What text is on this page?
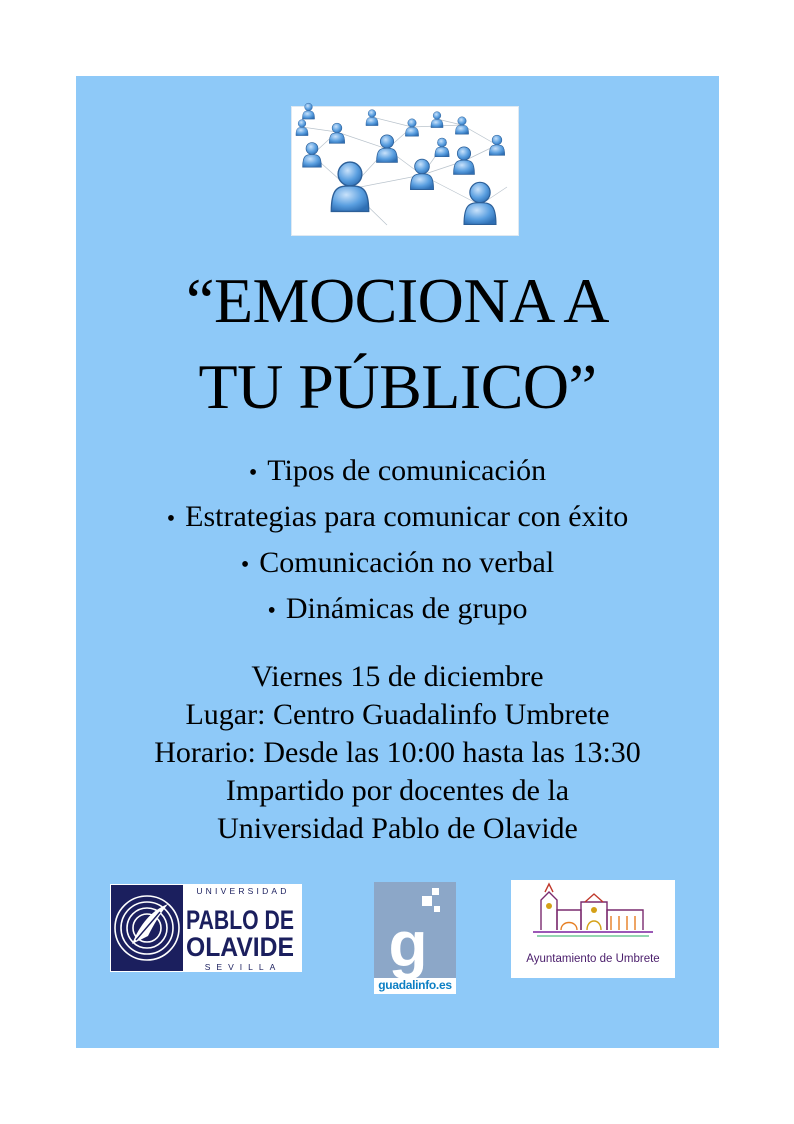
“EMOCIONA A
TU PÚBLICO”
• Tipos de comunicación
• Estrategias para comunicar con éxito
• Comunicación no verbal
• Dinámicas de grupo
Viernes 15 de diciembre
Lugar: Centro Guadalinfo Umbrete
Horario: Desde las 10:00 hasta las 13:30
Impartido por docentes de la
Universidad Pablo de Olavide
UNIVERSIDAD
PABLO DE
OLAVIDE
SEVILLA g
guadalinfo.es
Ayuntamiento de Umbrete
